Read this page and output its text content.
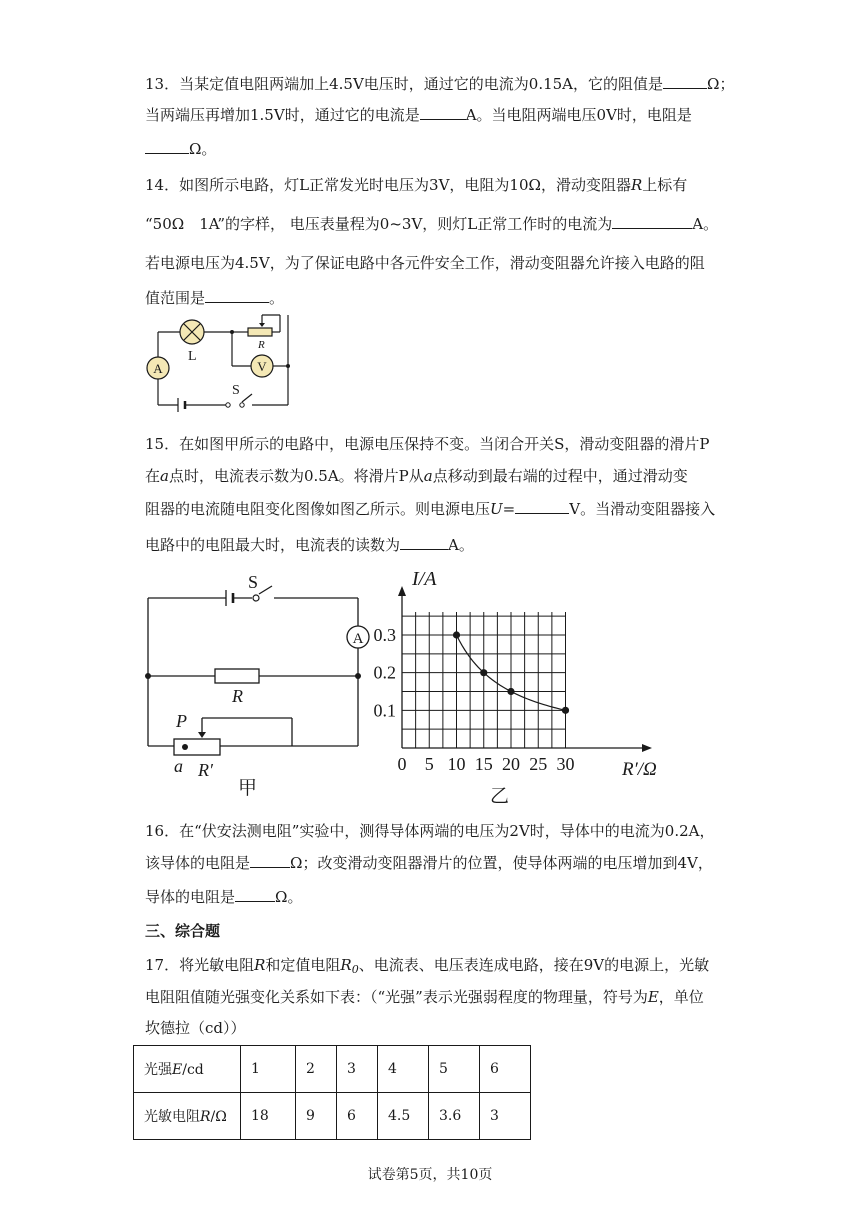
13．当某定值电阻两端加上4.5V电压时，通过它的电流为0.15A，它的阻值是	Ω；
当两端压再增加1.5V时，通过它的电流是	A。当电阻两端电压0V时，电阻是
Ω。
14．如图所示电路，灯L正常发光时电压为3V，电阻为10Ω，滑动变阻器R上标有
“50Ω　1A”的字样， 电压表量程为0~3V，则灯L正常工作时的电流为	A。
若电源电压为4.5V，为了保证电路中各元件安全工作，滑动变阻器允许接入电路的阻
值范围是	。
A	V
L
R
S
15．在如图甲所示的电路中，电源电压保持不变。当闭合开关S，滑动变阻器的滑片P
在a点时，电流表示数为0.5A。将滑片P从a点移动到最右端的过程中，通过滑动变
阻器的电流随电阻变化图像如图乙所示。则电源电压U=	V。当滑动变阻器接入
电路中的电阻最大时，电流表的读数为	A。
A
S
R
P
a R′
甲
0 5 10 15 20 25 30
0.1
0.2
0.3
I/A
R′/Ω
乙
16．在“伏安法测电阻”实验中，测得导体两端的电压为2V时，导体中的电流为0.2A，
该导体的电阻是	Ω；改变滑动变阻器滑片的位置，使导体两端的电压增加到4V，
导体的电阻是	Ω。
三、综合题
17．将光敏电阻R和定值电阻$R_0$、电流表、电压表连成电路，接在9V的电源上，光敏
电阻阻值随光强变化关系如下表：（“光强”表示光强弱程度的物理量，符号为E，单位
坎德拉（cd））
光强E/cd	1	2	3	4	5	6
光敏电阻R/Ω	18	9	6	4.5	3.6	3
试卷第5页，共10页
